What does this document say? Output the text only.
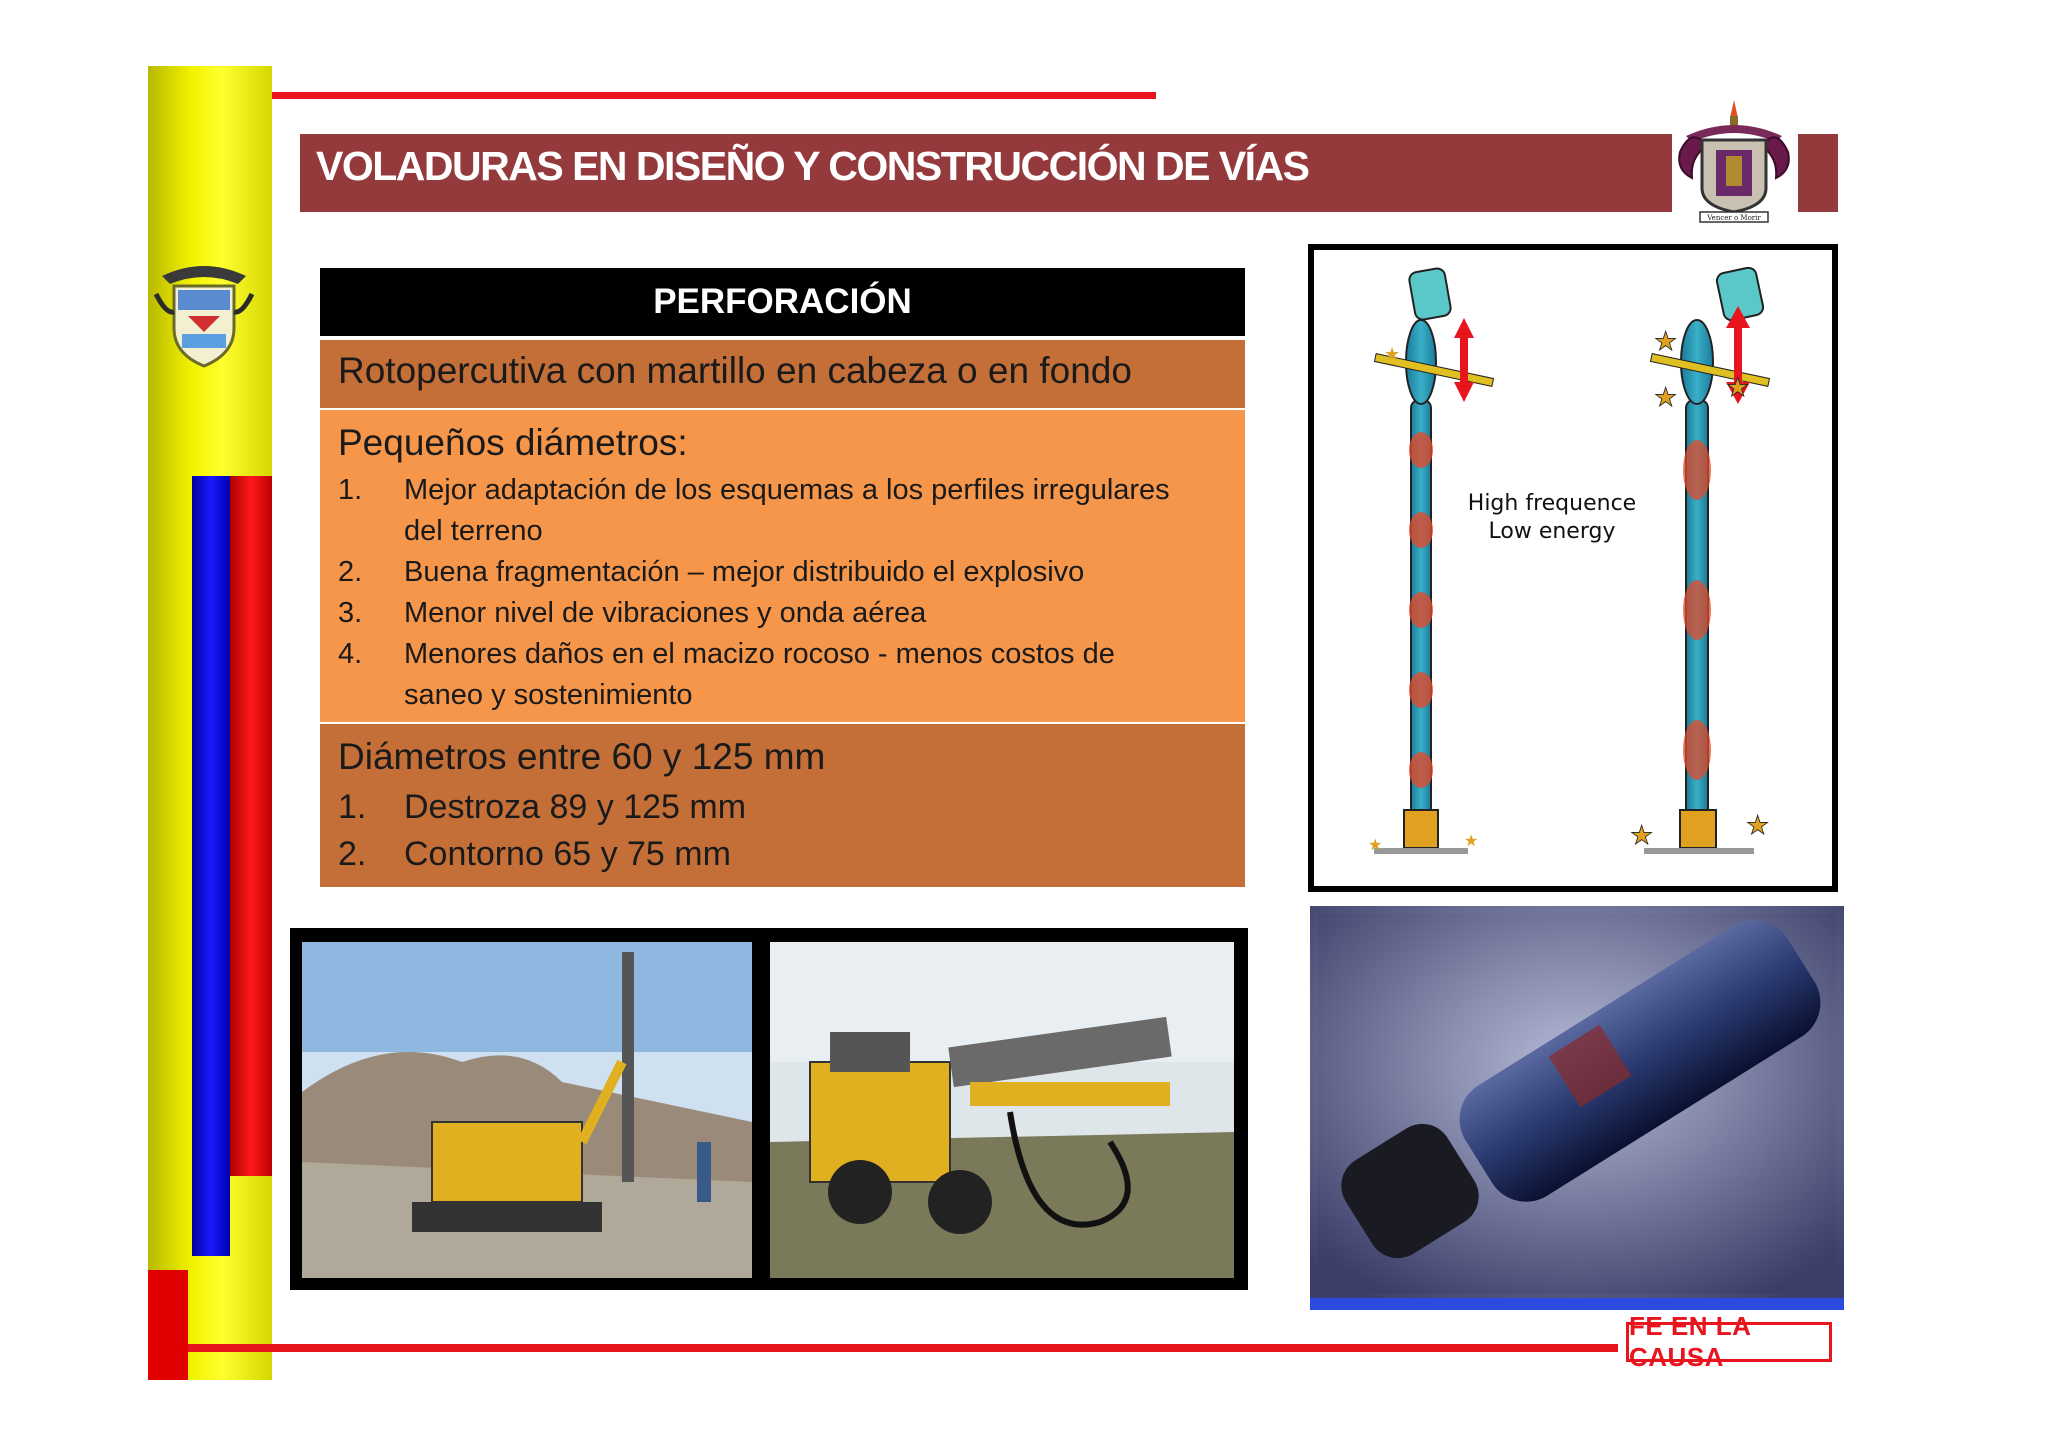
VOLADURAS EN DISEÑO Y CONSTRUCCIÓN DE VÍAS
Vencer o Morir
PERFORACIÓN
Rotopercutiva con martillo en cabeza o en fondo
Pequeños diámetros:
1.	Mejor adaptación de los esquemas a los perfiles irregulares
del terreno
2.	Buena fragmentación – mejor distribuido el explosivo
3.	Menor nivel de vibraciones y onda aérea
4.	Menores daños en el macizo rocoso - menos costos de
saneo y sostenimiento
Diámetros entre 60 y 125 mm
1.	Destroza 89 y 125 mm
2.	Contorno 65 y 75 mm
★
★	★
★
★ ★
★	★
High frequence
Low energy
FE EN LA CAUSA
